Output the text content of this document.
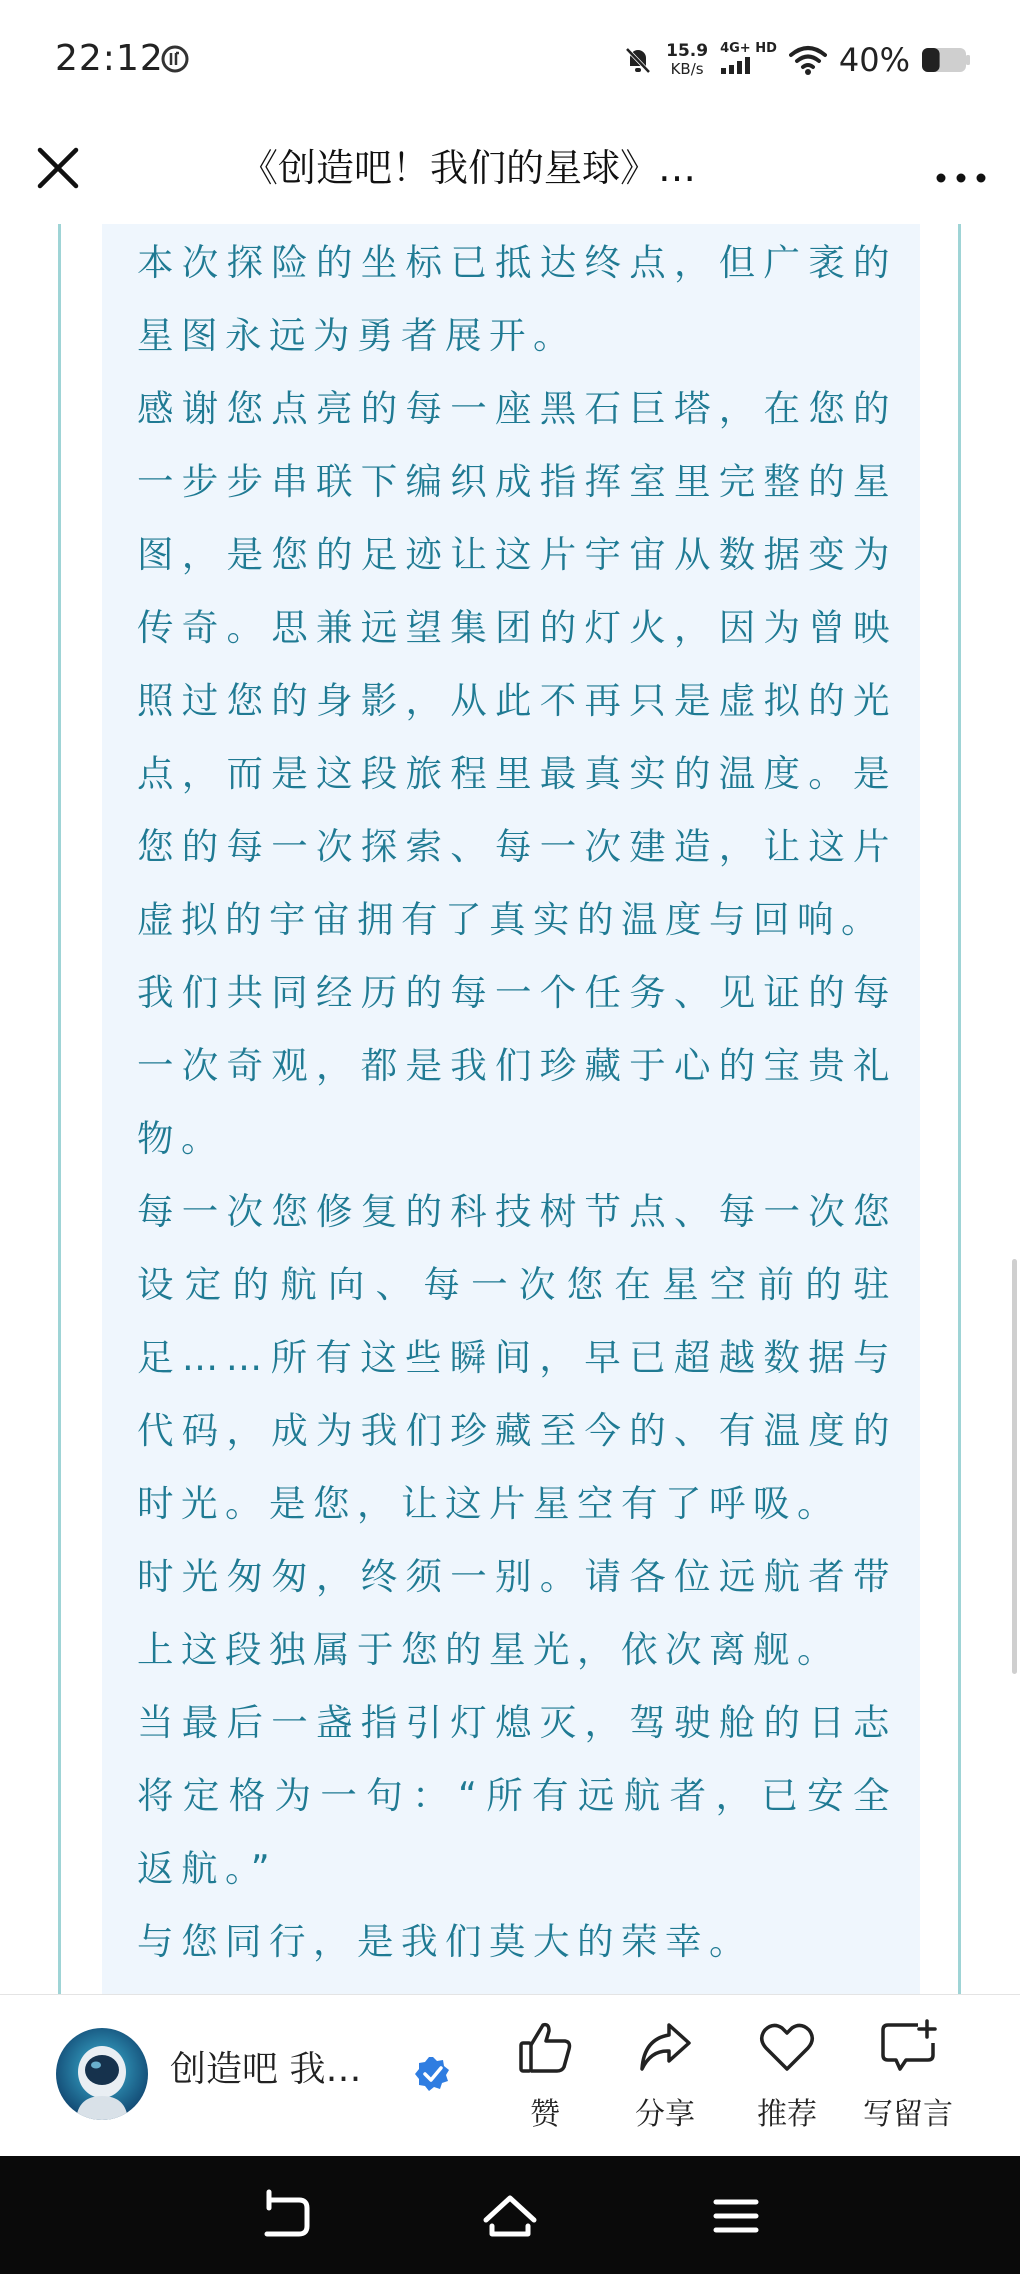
22:12	15.9
KB/s
4G+ HD 40%
《创造吧！我们的星球》…

本次探险的坐标已抵达终点，但广袤的星图永远为勇者展开。

感谢您点亮的每一座黑石巨塔，在您的一步步串联下编织成指挥室里完整的星图，是您的足迹让这片宇宙从数据变为传奇。思兼远望集团的灯火，因为曾映照过您的身影，从此不再只是虚拟的光点，而是这段旅程里最真实的温度。是您的每一次探索、每一次建造，让这片虚拟的宇宙拥有了真实的温度与回响。

我们共同经历的每一个任务、见证的每一次奇观，都是我们珍藏于心的宝贵礼物。

每一次您修复的科技树节点、每一次您设定的航向、每一次您在星空前的驻足……所有这些瞬间，早已超越数据与代码，成为我们珍藏至今的、有温度的时光。是您，让这片星空有了呼吸。

时光匆匆，终须一别。请各位远航者带上这段独属于您的星光，依次离舰。

当最后一盏指引灯熄灭，驾驶舱的日志将定格为一句：“所有远航者，已安全返航。”

与您同行，是我们莫大的荣幸。

创造吧 我…
赞	分享	推荐	写留言
